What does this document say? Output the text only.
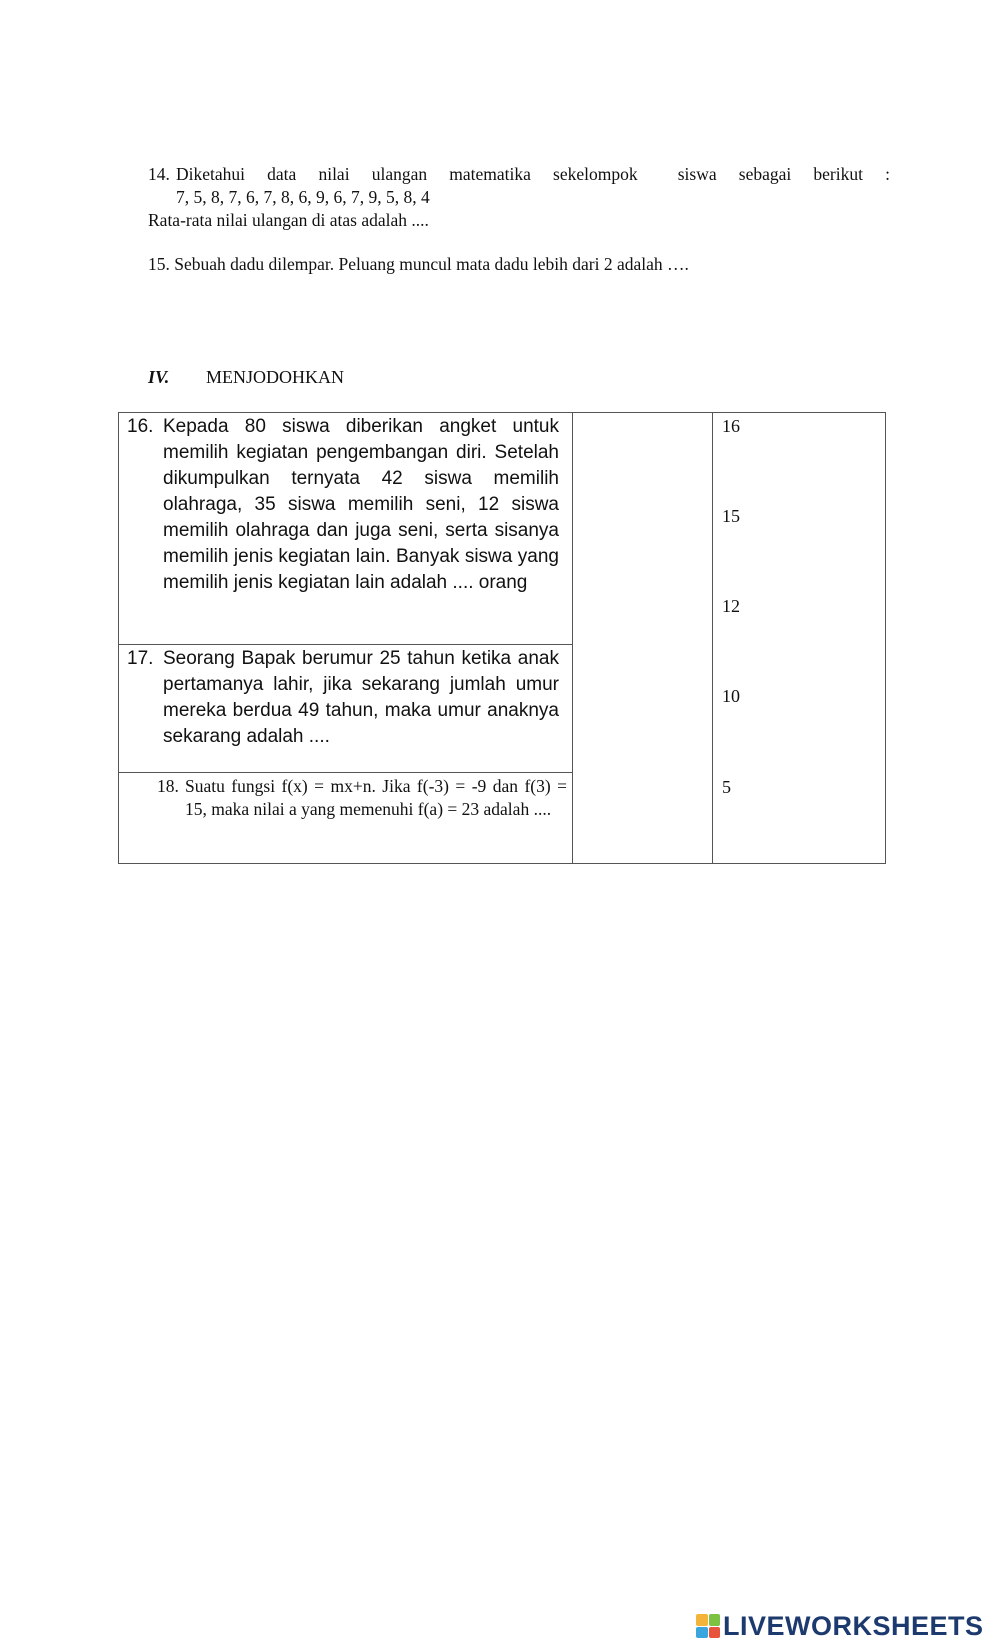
14. Diketahui data nilai ulangan matematika sekelompok siswa sebagai berikut :
7, 5, 8, 7, 6, 7, 8, 6, 9, 6, 7, 9, 5, 8, 4
Rata-rata nilai ulangan di atas adalah ....
15. Sebuah dadu dilempar. Peluang muncul mata dadu lebih dari 2 adalah ….
IV. MENJODOHKAN
16. Kepada 80 siswa diberikan angket untuk memilih kegiatan pengembangan diri. Setelah dikumpulkan ternyata 42 siswa memilih olahraga, 35 siswa memilih seni, 12 siswa memilih olahraga dan juga seni, serta sisanya memilih jenis kegiatan lain. Banyak siswa yang memilih jenis kegiatan lain adalah .... orang
17. Seorang Bapak berumur 25 tahun ketika anak pertamanya lahir, jika sekarang jumlah umur mereka berdua 49 tahun, maka umur anaknya sekarang adalah ....
18. Suatu fungsi f(x) = mx+n. Jika f(-3) = -9 dan f(3) = 15, maka nilai a yang memenuhi f(a) = 23 adalah ....
16
15
12
10
5
LIVEWORKSHEETS
